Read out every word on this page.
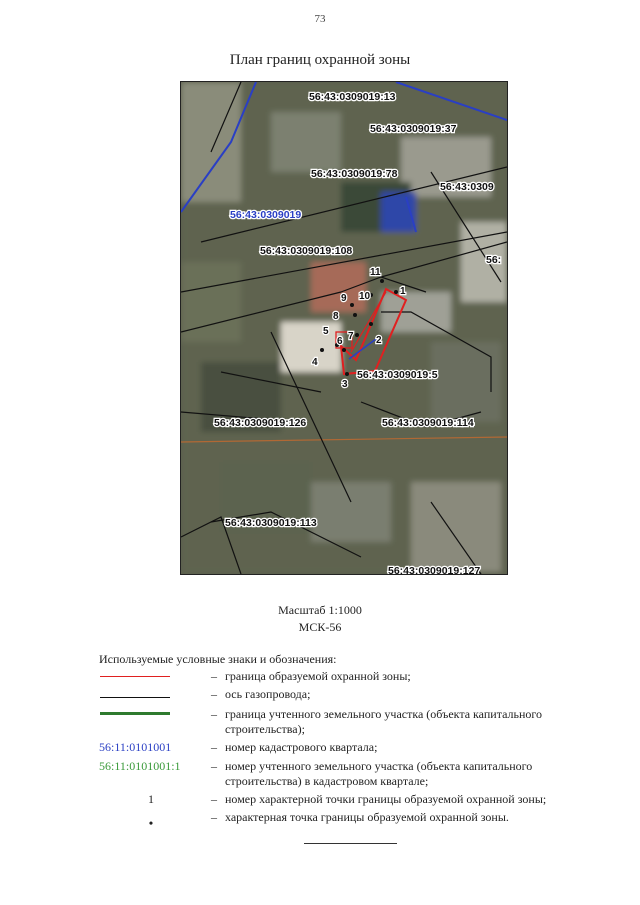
73
План границ охранной зоны
56:43:0309019:13
56:43:0309019:37
56:43:0309019:78
56:43:0309
56:43:0309019
56:43:0309019:108
56:
56:43:0309019:5
56:43:0309019:126	56:43:0309019:114
56:43:0309019:113
56:43:0309019:127
1
2
3
4
5
6 7
8
9 10
11
Масштаб 1:1000
МСК-56
Используемые условные знаки и обозначения:
– граница образуемой охранной зоны;
– ось газопровода;
– граница учтенного земельного участка (объекта капитального строительства);
56:11:0101001	– номер кадастрового квартала;
56:11:0101001:1	– номер учтенного земельного участка (объекта капитального строительства) в кадастровом квартале;
1	– номер характерной точки границы образуемой охранной зоны;
•	– характерная точка границы образуемой охранной зоны.
